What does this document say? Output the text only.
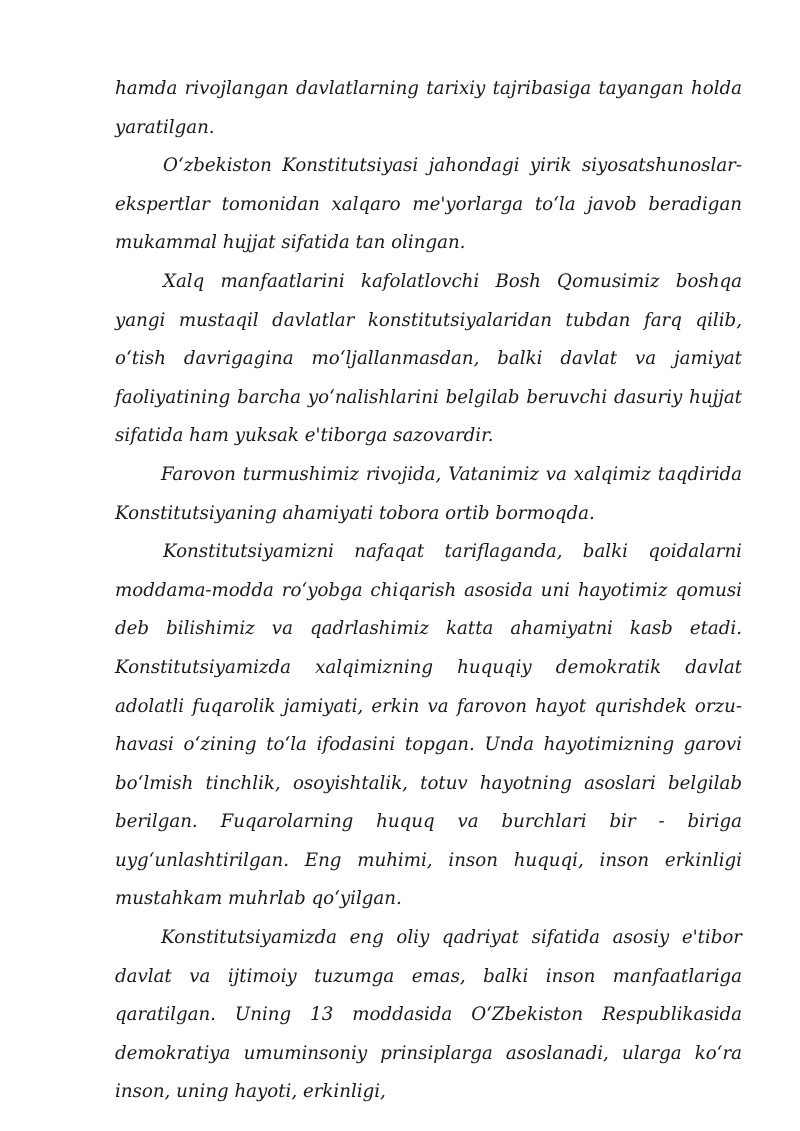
hamda rivojlangan davlatlarning tarixiy tajribasiga tayangan holda yaratilgan.

O‘zbekiston Konstitutsiyasi jahondagi yirik siyosatshunoslar-ekspertlar tomonidan xalqaro me'yorlarga to‘la javob beradigan mukammal hujjat sifatida tan olingan.

Xalq manfaatlarini kafolatlovchi Bosh Qomusimiz boshqa yangi mustaqil davlatlar konstitutsiyalaridan tubdan farq qilib, o‘tish davrigagina mo‘ljallanmasdan, balki davlat va jamiyat faoliyatining barcha yo‘nalishlarini belgilab beruvchi dasuriy hujjat sifatida ham yuksak e'tiborga sazovardir.

Farovon turmushimiz rivojida, Vatanimiz va xalqimiz taqdirida Konstitutsiyaning ahamiyati tobora ortib bormoqda.

Konstitutsiyamizni nafaqat tariflaganda, balki qoidalarni moddama-modda ro‘yobga chiqarish asosida uni hayotimiz qomusi deb bilishimiz va qadrlashimiz katta ahamiyatni kasb etadi. Konstitutsiyamizda xalqimizning huquqiy demokratik davlat adolatli fuqarolik jamiyati, erkin va farovon hayot qurishdek orzu-havasi o‘zining to‘la ifodasini topgan. Unda hayotimizning garovi bo‘lmish tinchlik, osoyishtalik, totuv hayotning asoslari belgilab berilgan. Fuqarolarning huquq va burchlari bir - biriga uyg‘unlashtirilgan. Eng muhimi, inson huquqi, inson erkinligi mustahkam muhrlab qo‘yilgan.

Konstitutsiyamizda eng oliy qadriyat sifatida asosiy e'tibor davlat va ijtimoiy tuzumga emas, balki inson manfaatlariga qaratilgan. Uning 13 moddasida O‘Zbekiston Respublikasida demokratiya umuminsoniy prinsiplarga asoslanadi, ularga ko‘ra inson, uning hayoti, erkinligi,
